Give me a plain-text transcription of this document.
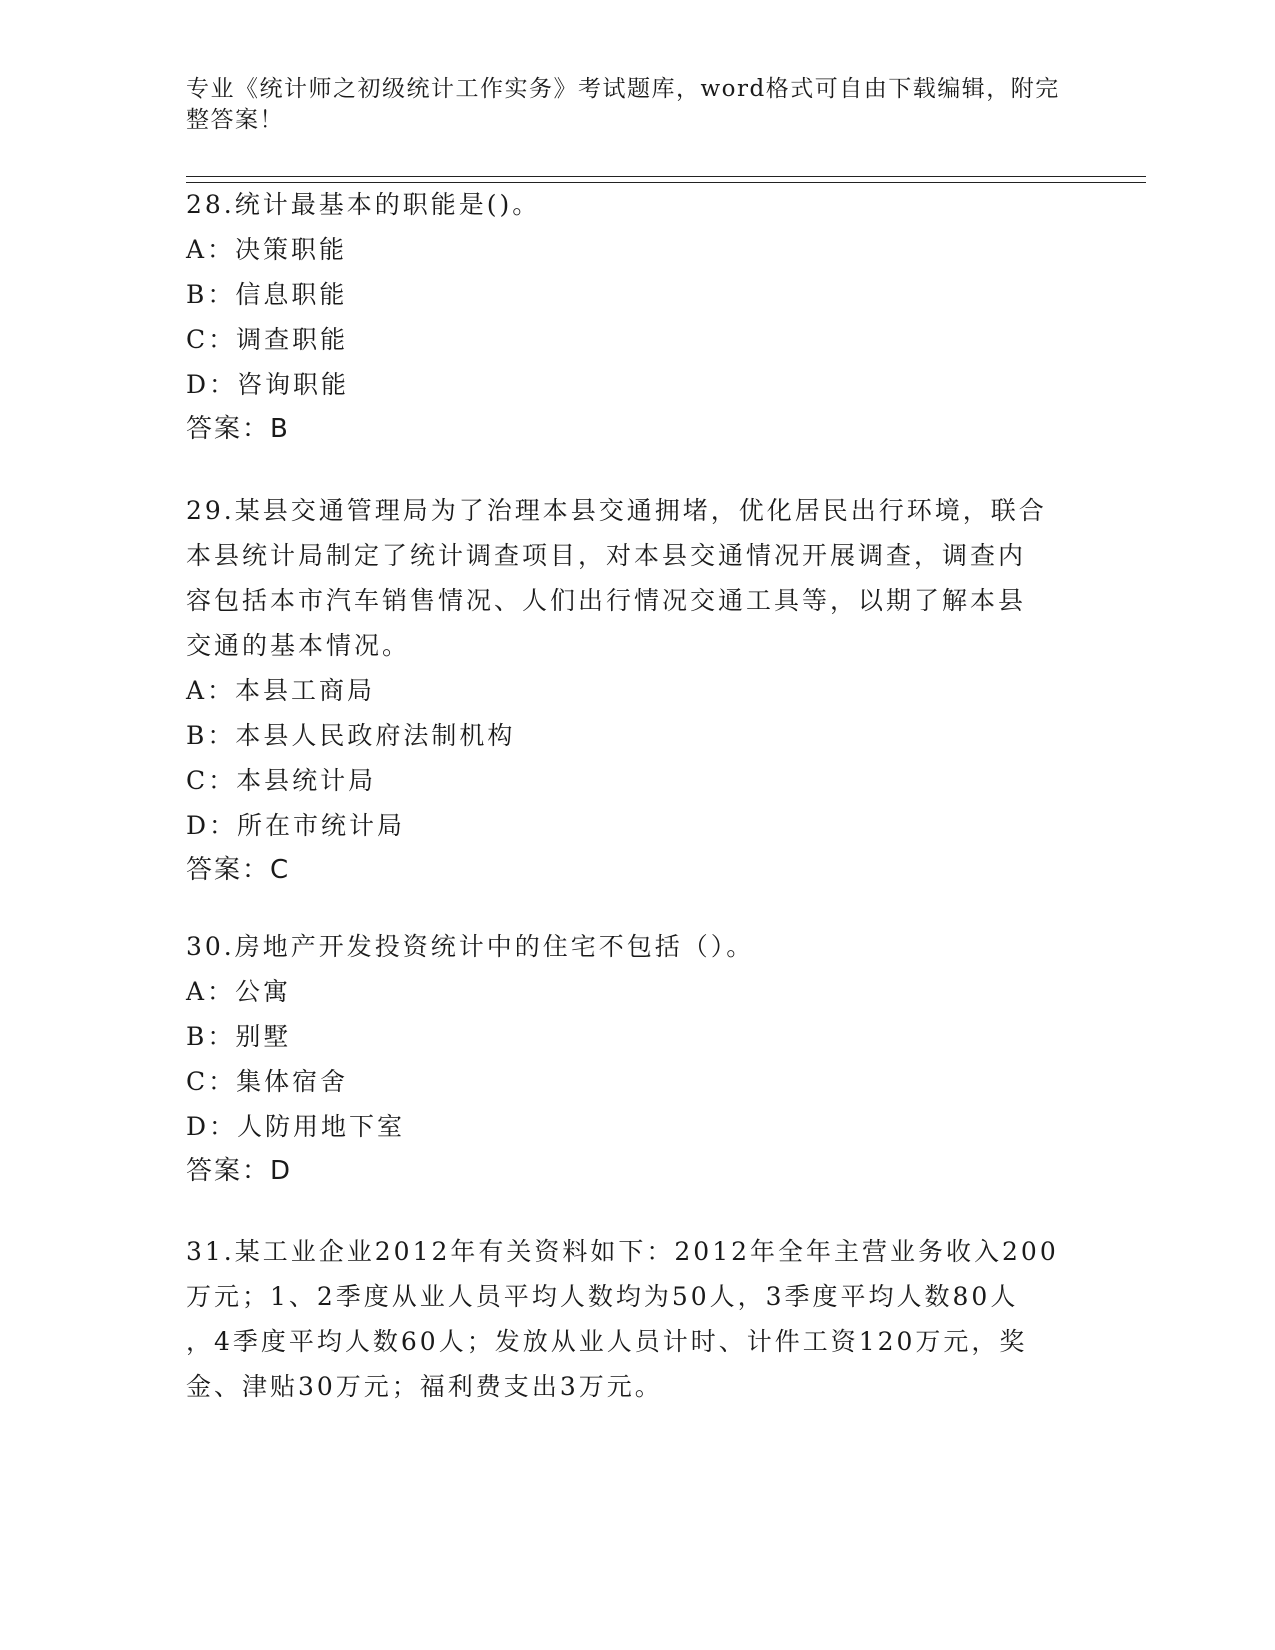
专业《统计师之初级统计工作实务》考试题库，word格式可自由下载编辑，附完
整答案！
28.统计最基本的职能是()。
A：决策职能
B：信息职能
C：调查职能
D：咨询职能
答案：B
29.某县交通管理局为了治理本县交通拥堵，优化居民出行环境，联合
本县统计局制定了统计调查项目，对本县交通情况开展调查，调查内
容包括本市汽车销售情况、人们出行情况交通工具等，以期了解本县
交通的基本情况。
A：本县工商局
B：本县人民政府法制机构
C：本县统计局
D：所在市统计局
答案：C
30.房地产开发投资统计中的住宅不包括（）。
A：公寓
B：别墅
C：集体宿舍
D：人防用地下室
答案：D
31.某工业企业2012年有关资料如下：2012年全年主营业务收入200
万元；1、2季度从业人员平均人数均为50人，3季度平均人数80人
，4季度平均人数60人；发放从业人员计时、计件工资120万元，奖
金、津贴30万元；福利费支出3万元。
